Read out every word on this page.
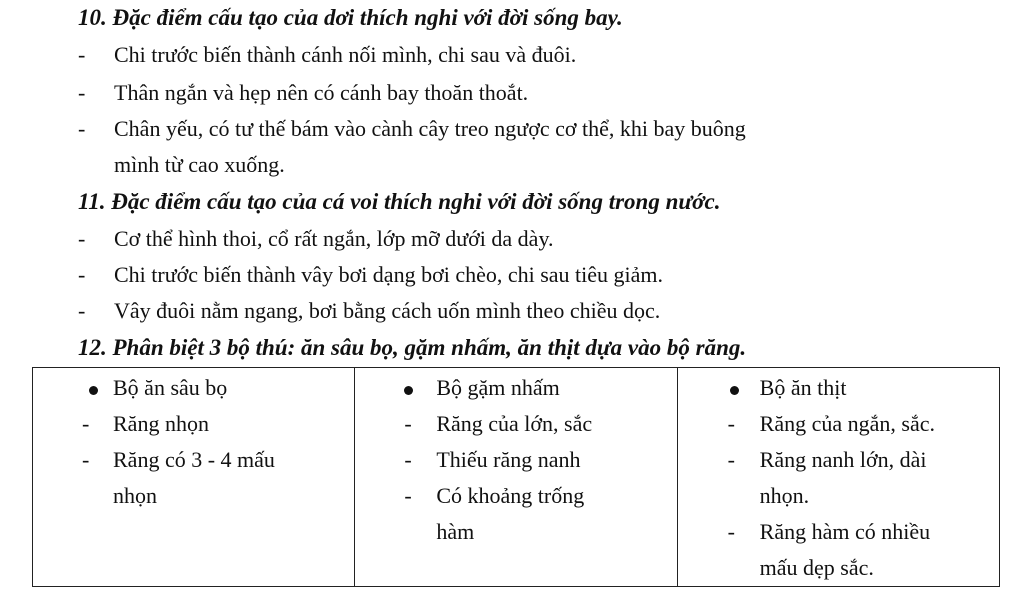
10. Đặc điểm cấu tạo của dơi thích nghi với đời sống bay.
- Chi trước biến thành cánh nối mình, chi sau và đuôi.
- Thân ngắn và hẹp nên có cánh bay thoăn thoắt.
- Chân yếu, có tư thế bám vào cành cây treo ngược cơ thể, khi bay buông
mình từ cao xuống.
11. Đặc điểm cấu tạo của cá voi thích nghi với đời sống trong nước.
- Cơ thể hình thoi, cổ rất ngắn, lớp mỡ dưới da dày.
- Chi trước biến thành vây bơi dạng bơi chèo, chi sau tiêu giảm.
- Vây đuôi nằm ngang, bơi bằng cách uốn mình theo chiều dọc.
12. Phân biệt 3 bộ thú: ăn sâu bọ, gặm nhấm, ăn thịt dựa vào bộ răng.
Bộ ăn sâu bọ
- Răng nhọn
- Răng có 3 - 4 mấu
nhọn
Bộ gặm nhấm
- Răng của lớn, sắc
- Thiếu răng nanh
- Có khoảng trống
hàm
Bộ ăn thịt
- Răng của ngắn, sắc.
- Răng nanh lớn, dài
nhọn.
- Răng hàm có nhiều
mấu dẹp sắc.
